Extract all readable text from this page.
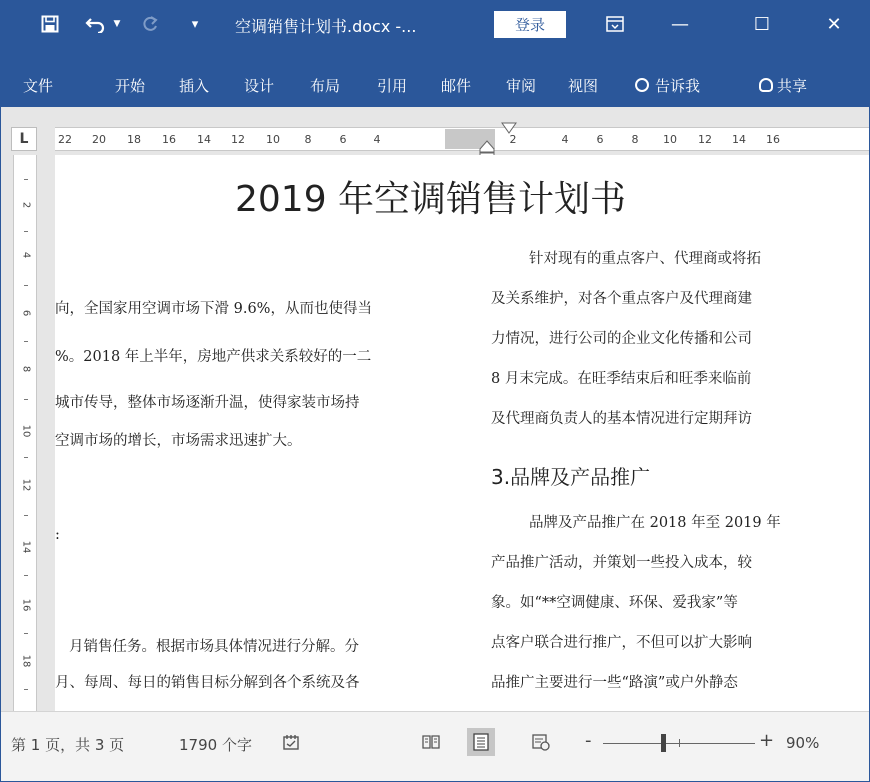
▼	▾ 空调销售计划书.docx -...	登录	—	☐	✕
文件	开始 插入 设计 布局 引用 邮件 审阅 视图	告诉我	共享
L	22 20 18 16 14 12 10 8	6 4	2	4	6	8 10 12 14 16
2
4
6
8
10
12
14
16
18
2019 年空调销售计划书
向，全国家用空调市场下滑 9.6%，从而也使得当
%。2018 年上半年，房地产供求关系较好的一二
城市传导，整体市场逐渐升温，使得家装市场持
空调市场的增长，市场需求迅速扩大。
:
月销售任务。根据市场具体情况进行分解。分
月、每周、每日的销售目标分解到各个系统及各
针对现有的重点客户、代理商或将拓
及关系维护，对各个重点客户及代理商建
力情况，进行公司的企业文化传播和公司
8 月末完成。在旺季结束后和旺季来临前
及代理商负责人的基本情况进行定期拜访
3.品牌及产品推广
品牌及产品推广在 2018 年至 2019 年
产品推广活动，并策划一些投入成本，较
象。如“**空调健康、环保、爱我家”等
点客户联合进行推广，不但可以扩大影响
品推广主要进行一些“路演”或户外静态
第 1 页，共 3 页	1790 个字	-	+ 90%
